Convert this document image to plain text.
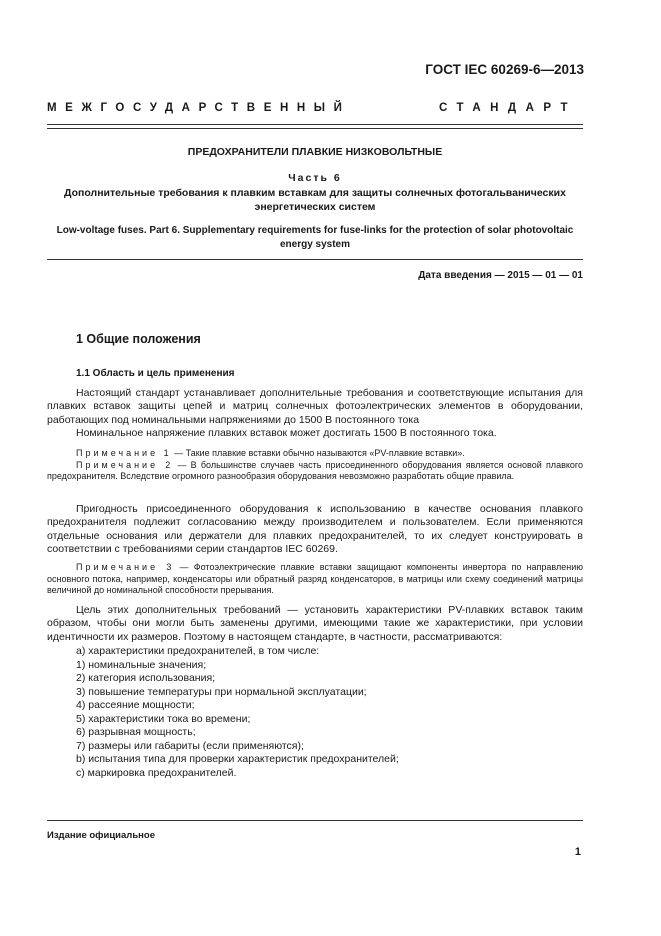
ГОСТ IEC 60269-6—2013
МЕЖГОСУДАРСТВЕННЫЙ	СТАНДАРТ
ПРЕДОХРАНИТЕЛИ ПЛАВКИЕ НИЗКОВОЛЬТНЫЕ
Часть 6
Дополнительные требования к плавким вставкам для защиты солнечных фотогальванических энергетических систем
Low-voltage fuses. Part 6. Supplementary requirements for fuse-links for the protection of solar photovoltaic energy system
Дата введения — 2015 — 01 — 01
1 Общие положения
1.1 Область и цель применения

Настоящий стандарт устанавливает дополнительные требования и соответствующие испытания для плавких вставок защиты цепей и матриц солнечных фотоэлектрических элементов в оборудовании, работающих под номинальными напряжениями до 1500 В постоянного тока

Номинальное напряжение плавких вставок может достигать 1500 В постоянного тока.

Примечание 1 — Такие плавкие вставки обычно называются «PV-плавкие вставки».

Примечание 2 — В большинстве случаев часть присоединенного оборудования является основой плавкого предохранителя. Вследствие огромного разнообразия оборудования невозможно разработать общие правила.

Пригодность присоединенного оборудования к использованию в качестве основания плавкого предохранителя подлежит согласованию между производителем и пользователем. Если применяются отдельные основания или держатели для плавких предохранителей, то их следует конструировать в соответствии с требованиями серии стандартов IEC 60269.

Примечание 3 — Фотоэлектрические плавкие вставки защищают компоненты инвертора по направлению основного потока, например, конденсаторы или обратный разряд конденсаторов, в матрицы или схему соединений матрицы величиной до номинальной способности прерывания.

Цель этих дополнительных требований — установить характеристики PV-плавких вставок таким образом, чтобы они могли быть заменены другими, имеющими такие же характеристики, при условии идентичности их размеров. Поэтому в настоящем стандарте, в частности, рассматриваются:

a) характеристики предохранителей, в том числе:
1) номинальные значения;
2) категория использования;
3) повышение температуры при нормальной эксплуатации;
4) рассеяние мощности;
5) характеристики тока во времени;
6) разрывная мощность;
7) размеры или габариты (если применяются);
b) испытания типа для проверки характеристик предохранителей;
c) маркировка предохранителей.
Издание официальное
1
